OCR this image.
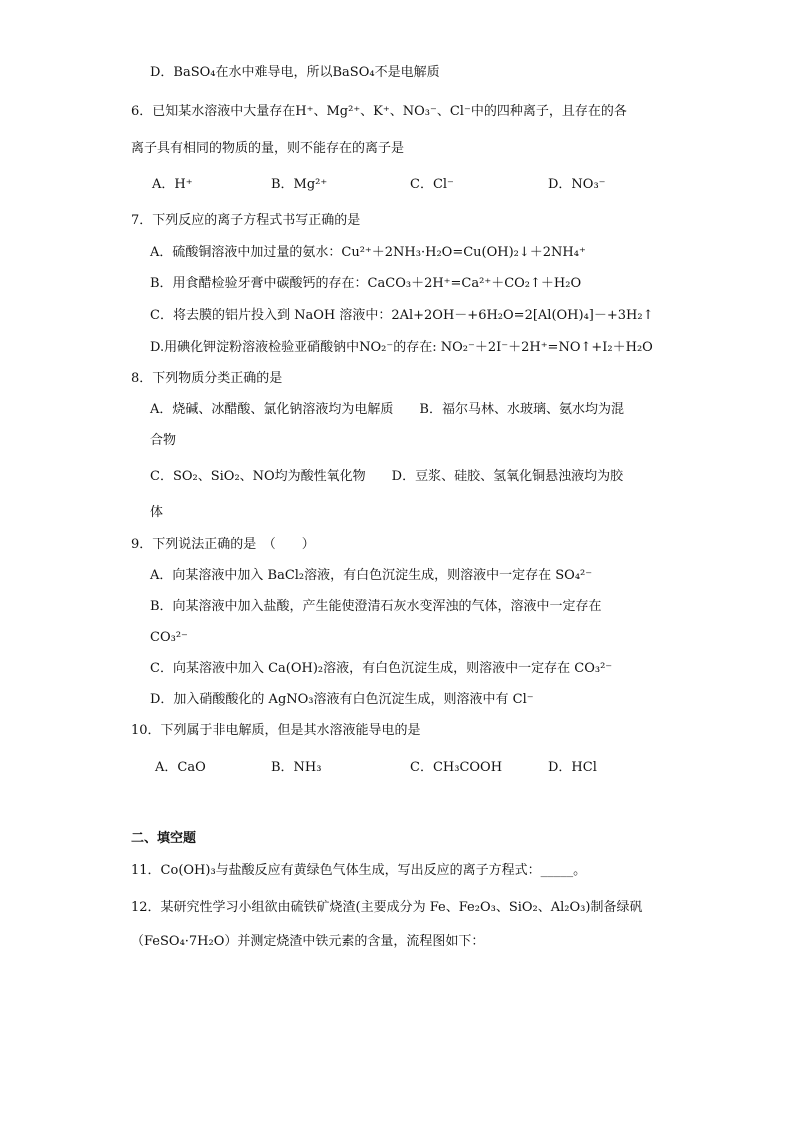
D．BaSO₄在水中难导电，所以BaSO₄不是电解质
6．已知某水溶液中大量存在H⁺、Mg²⁺、K⁺、NO₃⁻、Cl⁻中的四种离子，且存在的各
离子具有相同的物质的量，则不能存在的离子是
A．H⁺	B．Mg²⁺	C．Cl⁻	D．NO₃⁻
7．下列反应的离子方程式书写正确的是
A．硫酸铜溶液中加过量的氨水：Cu²⁺＋2NH₃·H₂O=Cu(OH)₂↓＋2NH₄⁺
B．用食醋检验牙膏中碳酸钙的存在：CaCO₃＋2H⁺=Ca²⁺＋CO₂↑＋H₂O
C．将去膜的铝片投入到 NaOH 溶液中：2Al+2OH－+6H₂O=2[Al(OH)₄]－+3H₂↑
D.用碘化钾淀粉溶液检验亚硝酸钠中NO₂⁻的存在: NO₂⁻＋2I⁻＋2H⁺=NO↑+I₂＋H₂O
8．下列物质分类正确的是
A．烧碱、冰醋酸、氯化钠溶液均为电解质　　B．福尔马林、水玻璃、氨水均为混
合物
C．SO₂、SiO₂、NO均为酸性氧化物　　D．豆浆、硅胶、氢氧化铜悬浊液均为胶
体
9．下列说法正确的是　（　　）
A．向某溶液中加入 BaCl₂溶液，有白色沉淀生成，则溶液中一定存在 SO₄²⁻
B．向某溶液中加入盐酸，产生能使澄清石灰水变浑浊的气体，溶液中一定存在
CO₃²⁻
C．向某溶液中加入 Ca(OH)₂溶液，有白色沉淀生成，则溶液中一定存在 CO₃²⁻
D．加入硝酸酸化的 AgNO₃溶液有白色沉淀生成，则溶液中有 Cl⁻
10．下列属于非电解质，但是其水溶液能导电的是
A．CaO	B．NH₃	C．CH₃COOH	D．HCl
二、填空题
11．Co(OH)₃与盐酸反应有黄绿色气体生成，写出反应的离子方程式：_____。
12．某研究性学习小组欲由硫铁矿烧渣(主要成分为 Fe、Fe₂O₃、SiO₂、Al₂O₃)制备绿矾
（FeSO₄·7H₂O）并测定烧渣中铁元素的含量，流程图如下：
